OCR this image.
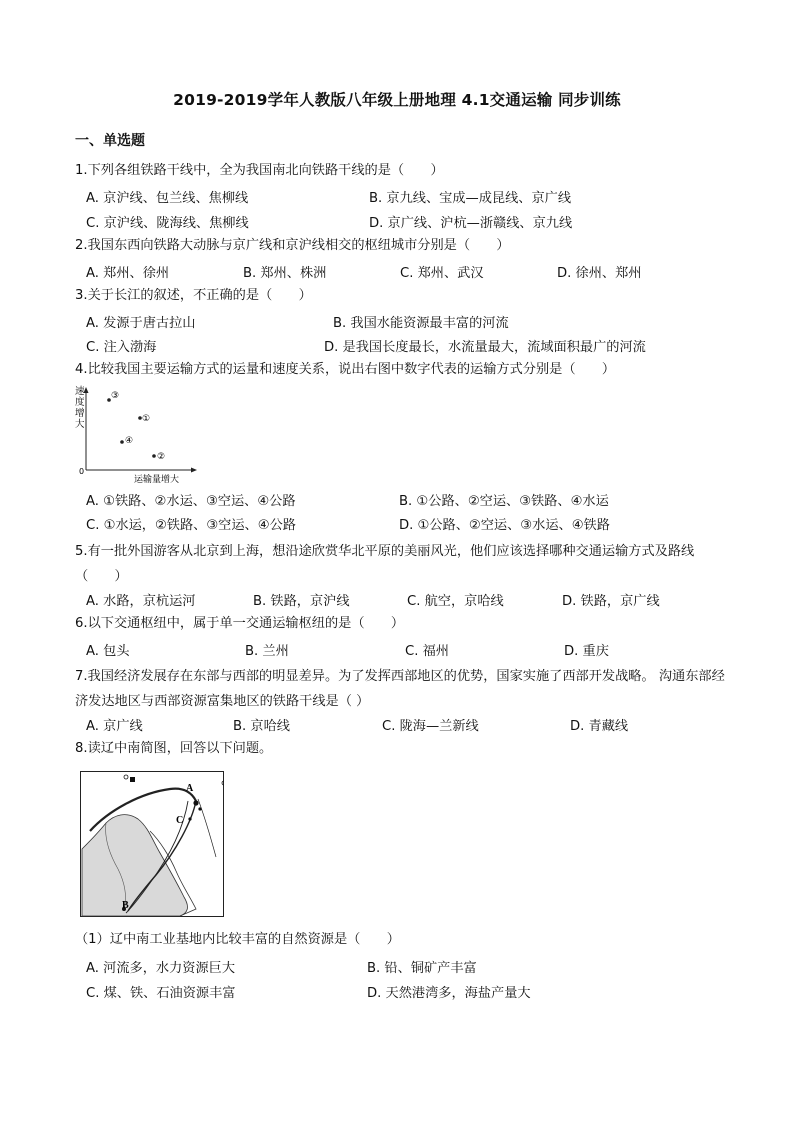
2019-2019学年人教版八年级上册地理 4.1交通运输 同步训练
一、单选题
1.下列各组铁路干线中，全为我国南北向铁路干线的是（　　）
A. 京沪线、包兰线、焦柳线	B. 京九线、宝成—成昆线、京广线
C. 京沪线、陇海线、焦柳线	D. 京广线、沪杭—浙赣线、京九线
2.我国东西向铁路大动脉与京广线和京沪线相交的枢纽城市分别是（　　）
A. 郑州、徐州	B. 郑州、株洲	C. 郑州、武汉	D. 徐州、郑州
3.关于长江的叙述，不正确的是（　　）
A. 发源于唐古拉山	B. 我国水能资源最丰富的河流
C. 注入渤海	D. 是我国长度最长，水流量最大，流域面积最广的河流
4.比较我国主要运输方式的运量和速度关系，说出右图中数字代表的运输方式分别是（　　）
速度增大
0
运输量增大
③
①
④
②
A. ①铁路、②水运、③空运、④公路	B. ①公路、②空运、③铁路、④水运
C. ①水运，②铁路、③空运、④公路	D. ①公路、②空运、③水运、④铁路
5.有一批外国游客从北京到上海，想沿途欣赏华北平原的美丽风光，他们应该选择哪种交通运输方式及路线（　　）
A. 水路，京杭运河	B. 铁路，京沪线	C. 航空，京哈线	D. 铁路，京广线
6.以下交通枢纽中，属于单一交通运输枢纽的是（　　）
A. 包头	B. 兰州	C. 福州	D. 重庆
7.我国经济发展存在东部与西部的明显差异。为了发挥西部地区的优势，国家实施了西部开发战略。 沟通东部经济发达地区与西部资源富集地区的铁路干线是（ ）
A. 京广线	B. 京哈线	C. 陇海—兰新线	D. 青藏线
8.读辽中南简图，回答以下问题。
A
B
C
（1）辽中南工业基地内比较丰富的自然资源是（　　）
A. 河流多，水力资源巨大	B. 铅、铜矿产丰富
C. 煤、铁、石油资源丰富	D. 天然港湾多，海盐产量大
